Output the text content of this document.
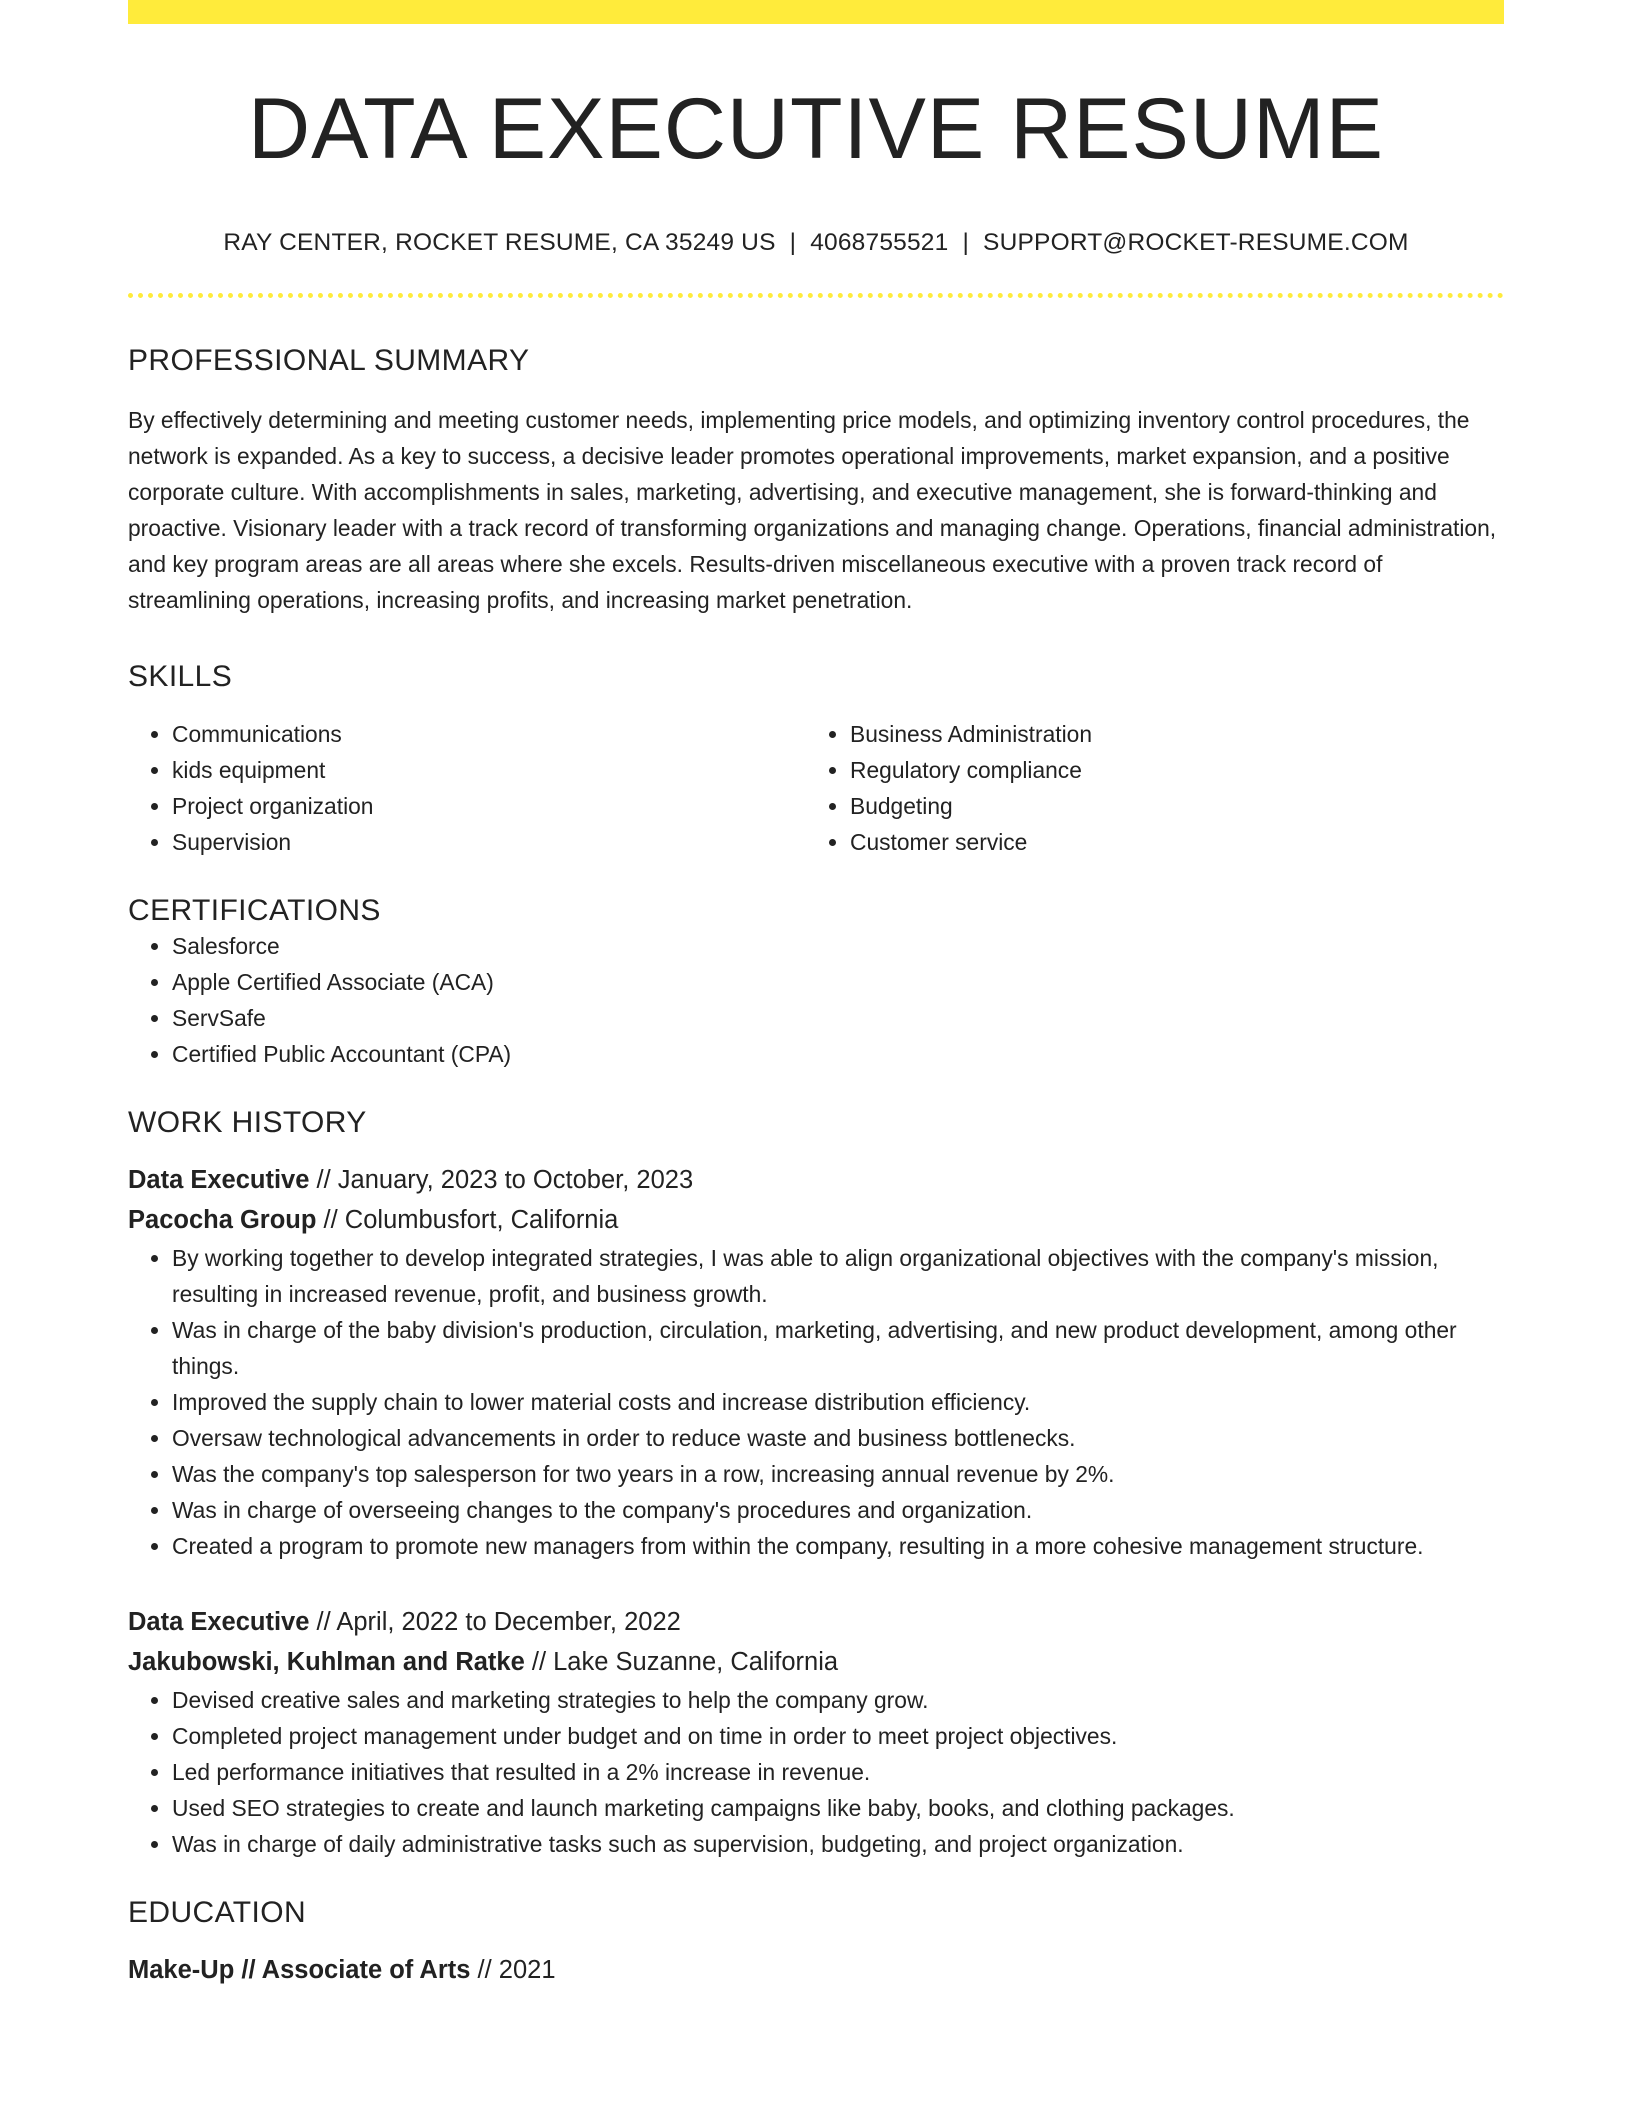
DATA EXECUTIVE RESUME
RAY CENTER, ROCKET RESUME, CA 35249 US | 4068755521 | SUPPORT@ROCKET-RESUME.COM
PROFESSIONAL SUMMARY

By effectively determining and meeting customer needs, implementing price models, and optimizing inventory control procedures, the network is expanded. As a key to success, a decisive leader promotes operational improvements, market expansion, and a positive corporate culture. With accomplishments in sales, marketing, advertising, and executive management, she is forward-thinking and proactive. Visionary leader with a track record of transforming organizations and managing change. Operations, financial administration, and key program areas are all areas where she excels. Results-driven miscellaneous executive with a proven track record of streamlining operations, increasing profits, and increasing market penetration.

SKILLS
• Communications
• kids equipment
• Project organization
• Supervision
• Business Administration
• Regulatory compliance
• Budgeting
• Customer service
CERTIFICATIONS
• Salesforce
• Apple Certified Associate (ACA)
• ServSafe
• Certified Public Accountant (CPA)
WORK HISTORY
Data Executive // January, 2023 to October, 2023
Pacocha Group // Columbusfort, California
• By working together to develop integrated strategies, I was able to align organizational objectives with the company's mission, resulting in increased revenue, profit, and business growth.
• Was in charge of the baby division's production, circulation, marketing, advertising, and new product development, among other things.
• Improved the supply chain to lower material costs and increase distribution efficiency.
• Oversaw technological advancements in order to reduce waste and business bottlenecks.
• Was the company's top salesperson for two years in a row, increasing annual revenue by 2%.
• Was in charge of overseeing changes to the company's procedures and organization.
• Created a program to promote new managers from within the company, resulting in a more cohesive management structure.
Data Executive // April, 2022 to December, 2022
Jakubowski, Kuhlman and Ratke // Lake Suzanne, California
• Devised creative sales and marketing strategies to help the company grow.
• Completed project management under budget and on time in order to meet project objectives.
• Led performance initiatives that resulted in a 2% increase in revenue.
• Used SEO strategies to create and launch marketing campaigns like baby, books, and clothing packages.
• Was in charge of daily administrative tasks such as supervision, budgeting, and project organization.
EDUCATION
Make-Up // Associate of Arts // 2021
